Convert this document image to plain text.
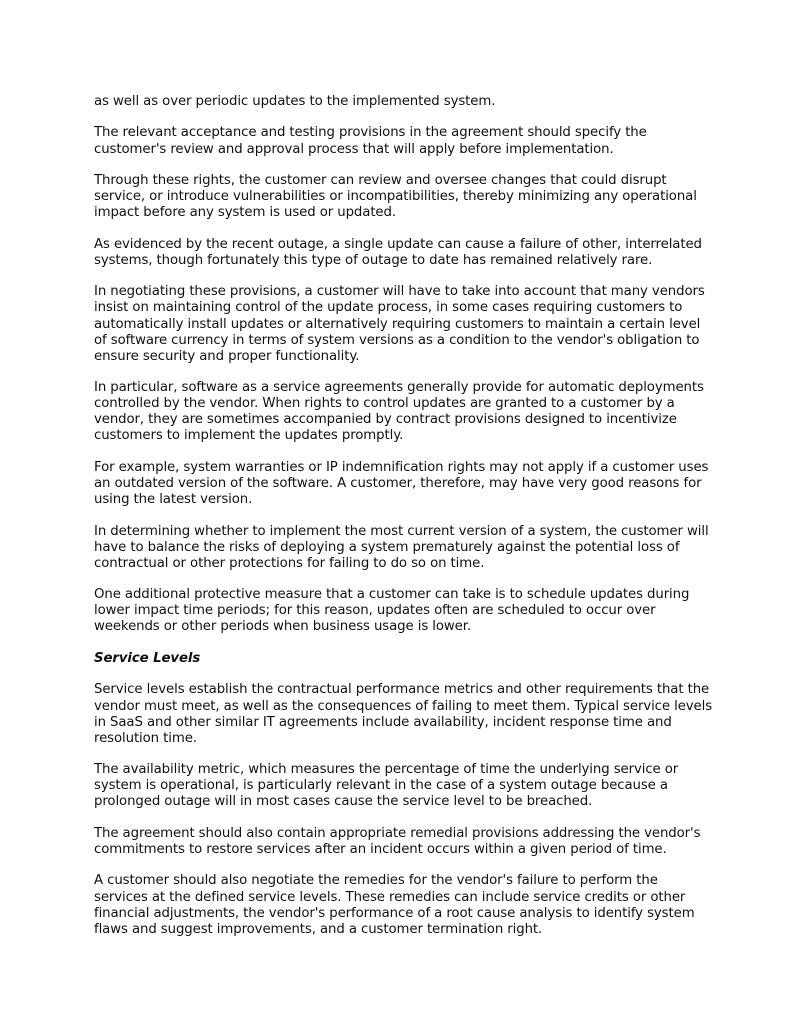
as well as over periodic updates to the implemented system.

The relevant acceptance and testing provisions in the agreement should specify the customer's review and approval process that will apply before implementation.

Through these rights, the customer can review and oversee changes that could disrupt service, or introduce vulnerabilities or incompatibilities, thereby minimizing any operational impact before any system is used or updated.

As evidenced by the recent outage, a single update can cause a failure of other, interrelated systems, though fortunately this type of outage to date has remained relatively rare.

In negotiating these provisions, a customer will have to take into account that many vendors insist on maintaining control of the update process, in some cases requiring customers to automatically install updates or alternatively requiring customers to maintain a certain level of software currency in terms of system versions as a condition to the vendor's obligation to ensure security and proper functionality.

In particular, software as a service agreements generally provide for automatic deployments controlled by the vendor. When rights to control updates are granted to a customer by a vendor, they are sometimes accompanied by contract provisions designed to incentivize customers to implement the updates promptly.

For example, system warranties or IP indemnification rights may not apply if a customer uses an outdated version of the software. A customer, therefore, may have very good reasons for using the latest version.

In determining whether to implement the most current version of a system, the customer will have to balance the risks of deploying a system prematurely against the potential loss of contractual or other protections for failing to do so on time.

One additional protective measure that a customer can take is to schedule updates during lower impact time periods; for this reason, updates often are scheduled to occur over weekends or other periods when business usage is lower.

Service Levels

Service levels establish the contractual performance metrics and other requirements that the vendor must meet, as well as the consequences of failing to meet them. Typical service levels in SaaS and other similar IT agreements include availability, incident response time and resolution time.

The availability metric, which measures the percentage of time the underlying service or system is operational, is particularly relevant in the case of a system outage because a prolonged outage will in most cases cause the service level to be breached.

The agreement should also contain appropriate remedial provisions addressing the vendor's commitments to restore services after an incident occurs within a given period of time.

A customer should also negotiate the remedies for the vendor's failure to perform the services at the defined service levels. These remedies can include service credits or other financial adjustments, the vendor's performance of a root cause analysis to identify system flaws and suggest improvements, and a customer termination right.
